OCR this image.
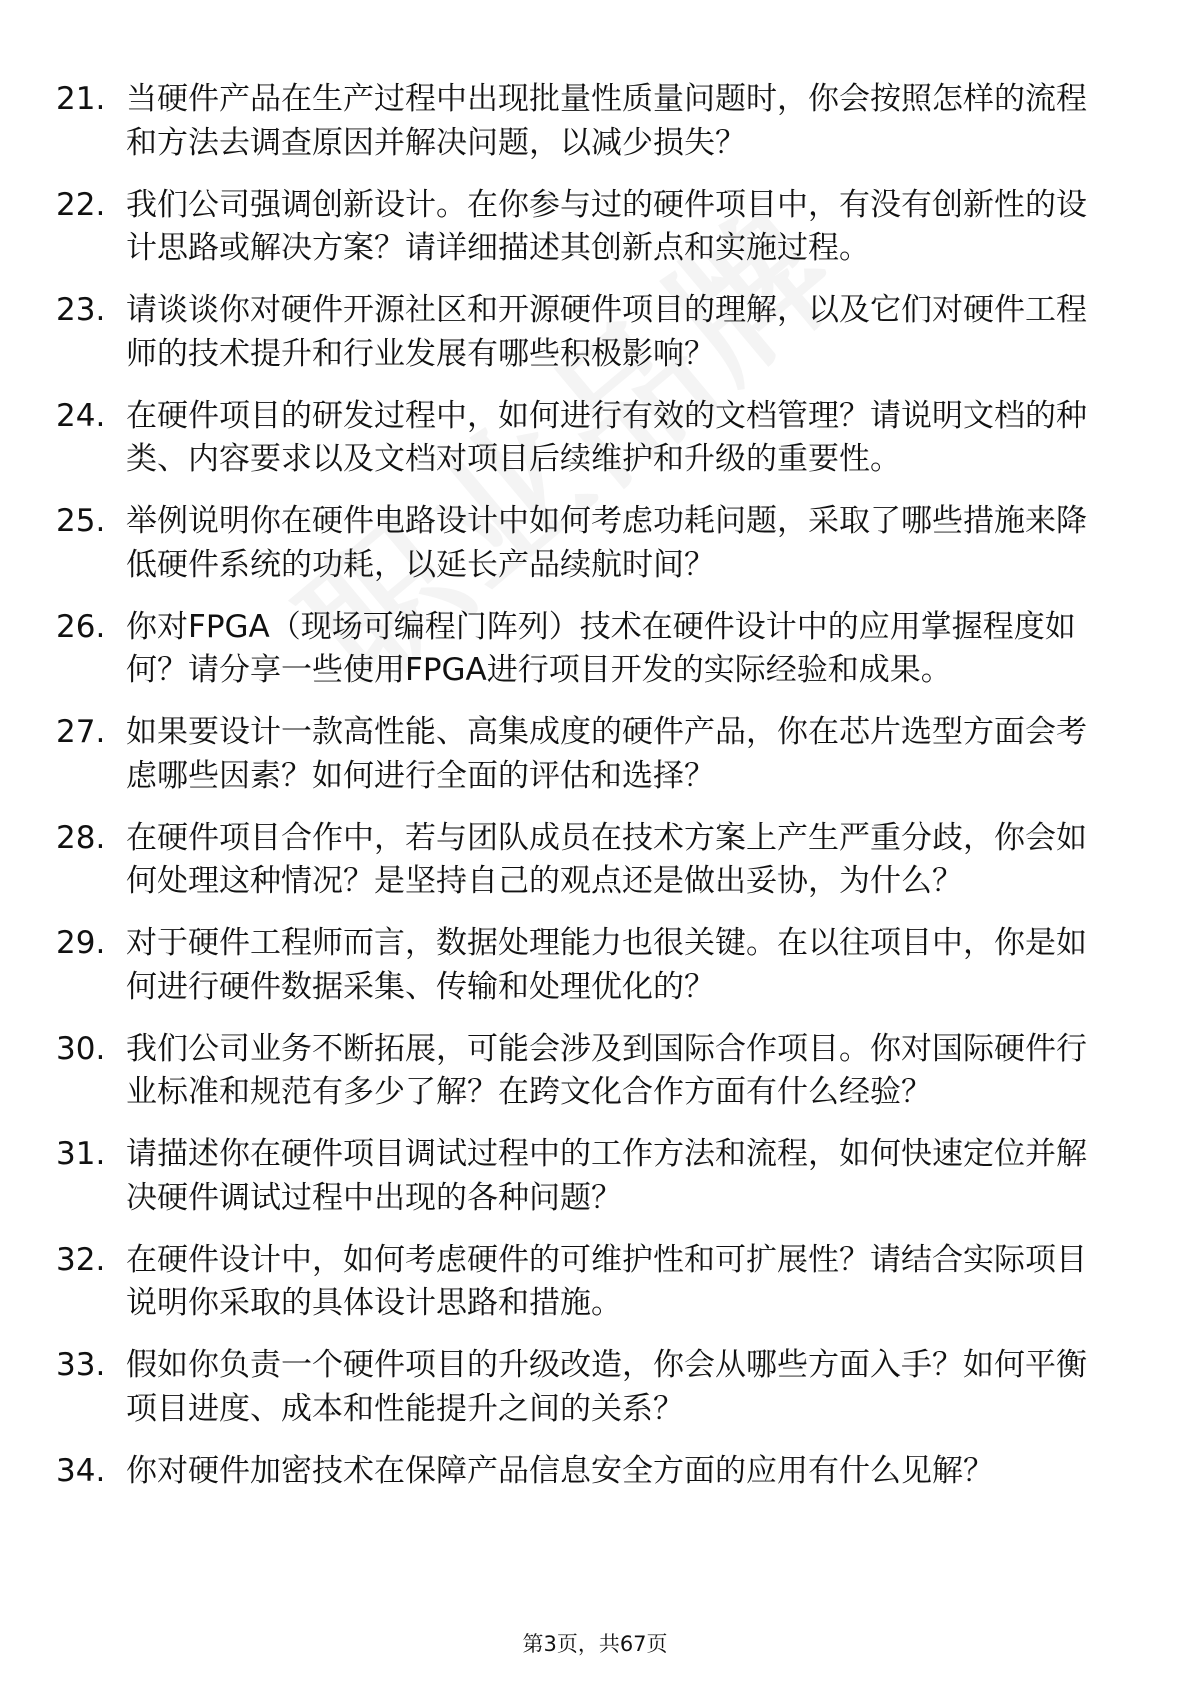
21. 当硬件产品在生产过程中出现批量性质量问题时，你会按照怎样的流程和方法去调查原因并解决问题，以减少损失？
22. 我们公司强调创新设计。在你参与过的硬件项目中，有没有创新性的设计思路或解决方案？请详细描述其创新点和实施过程。
23. 请谈谈你对硬件开源社区和开源硬件项目的理解，以及它们对硬件工程师的技术提升和行业发展有哪些积极影响？
24. 在硬件项目的研发过程中，如何进行有效的文档管理？请说明文档的种类、内容要求以及文档对项目后续维护和升级的重要性。
25. 举例说明你在硬件电路设计中如何考虑功耗问题，采取了哪些措施来降低硬件系统的功耗，以延长产品续航时间？
26. 你对FPGA（现场可编程门阵列）技术在硬件设计中的应用掌握程度如何？请分享一些使用FPGA进行项目开发的实际经验和成果。
27. 如果要设计一款高性能、高集成度的硬件产品，你在芯片选型方面会考虑哪些因素？如何进行全面的评估和选择？
28. 在硬件项目合作中，若与团队成员在技术方案上产生严重分歧，你会如何处理这种情况？是坚持自己的观点还是做出妥协，为什么？
29. 对于硬件工程师而言，数据处理能力也很关键。在以往项目中，你是如何进行硬件数据采集、传输和处理优化的？
30. 我们公司业务不断拓展，可能会涉及到国际合作项目。你对国际硬件行业标准和规范有多少了解？在跨文化合作方面有什么经验？
31. 请描述你在硬件项目调试过程中的工作方法和流程，如何快速定位并解决硬件调试过程中出现的各种问题？
32. 在硬件设计中，如何考虑硬件的可维护性和可扩展性？请结合实际项目说明你采取的具体设计思路和措施。
33. 假如你负责一个硬件项目的升级改造，你会从哪些方面入手？如何平衡项目进度、成本和性能提升之间的关系？
34. 你对硬件加密技术在保障产品信息安全方面的应用有什么见解？
第3页，共67页
